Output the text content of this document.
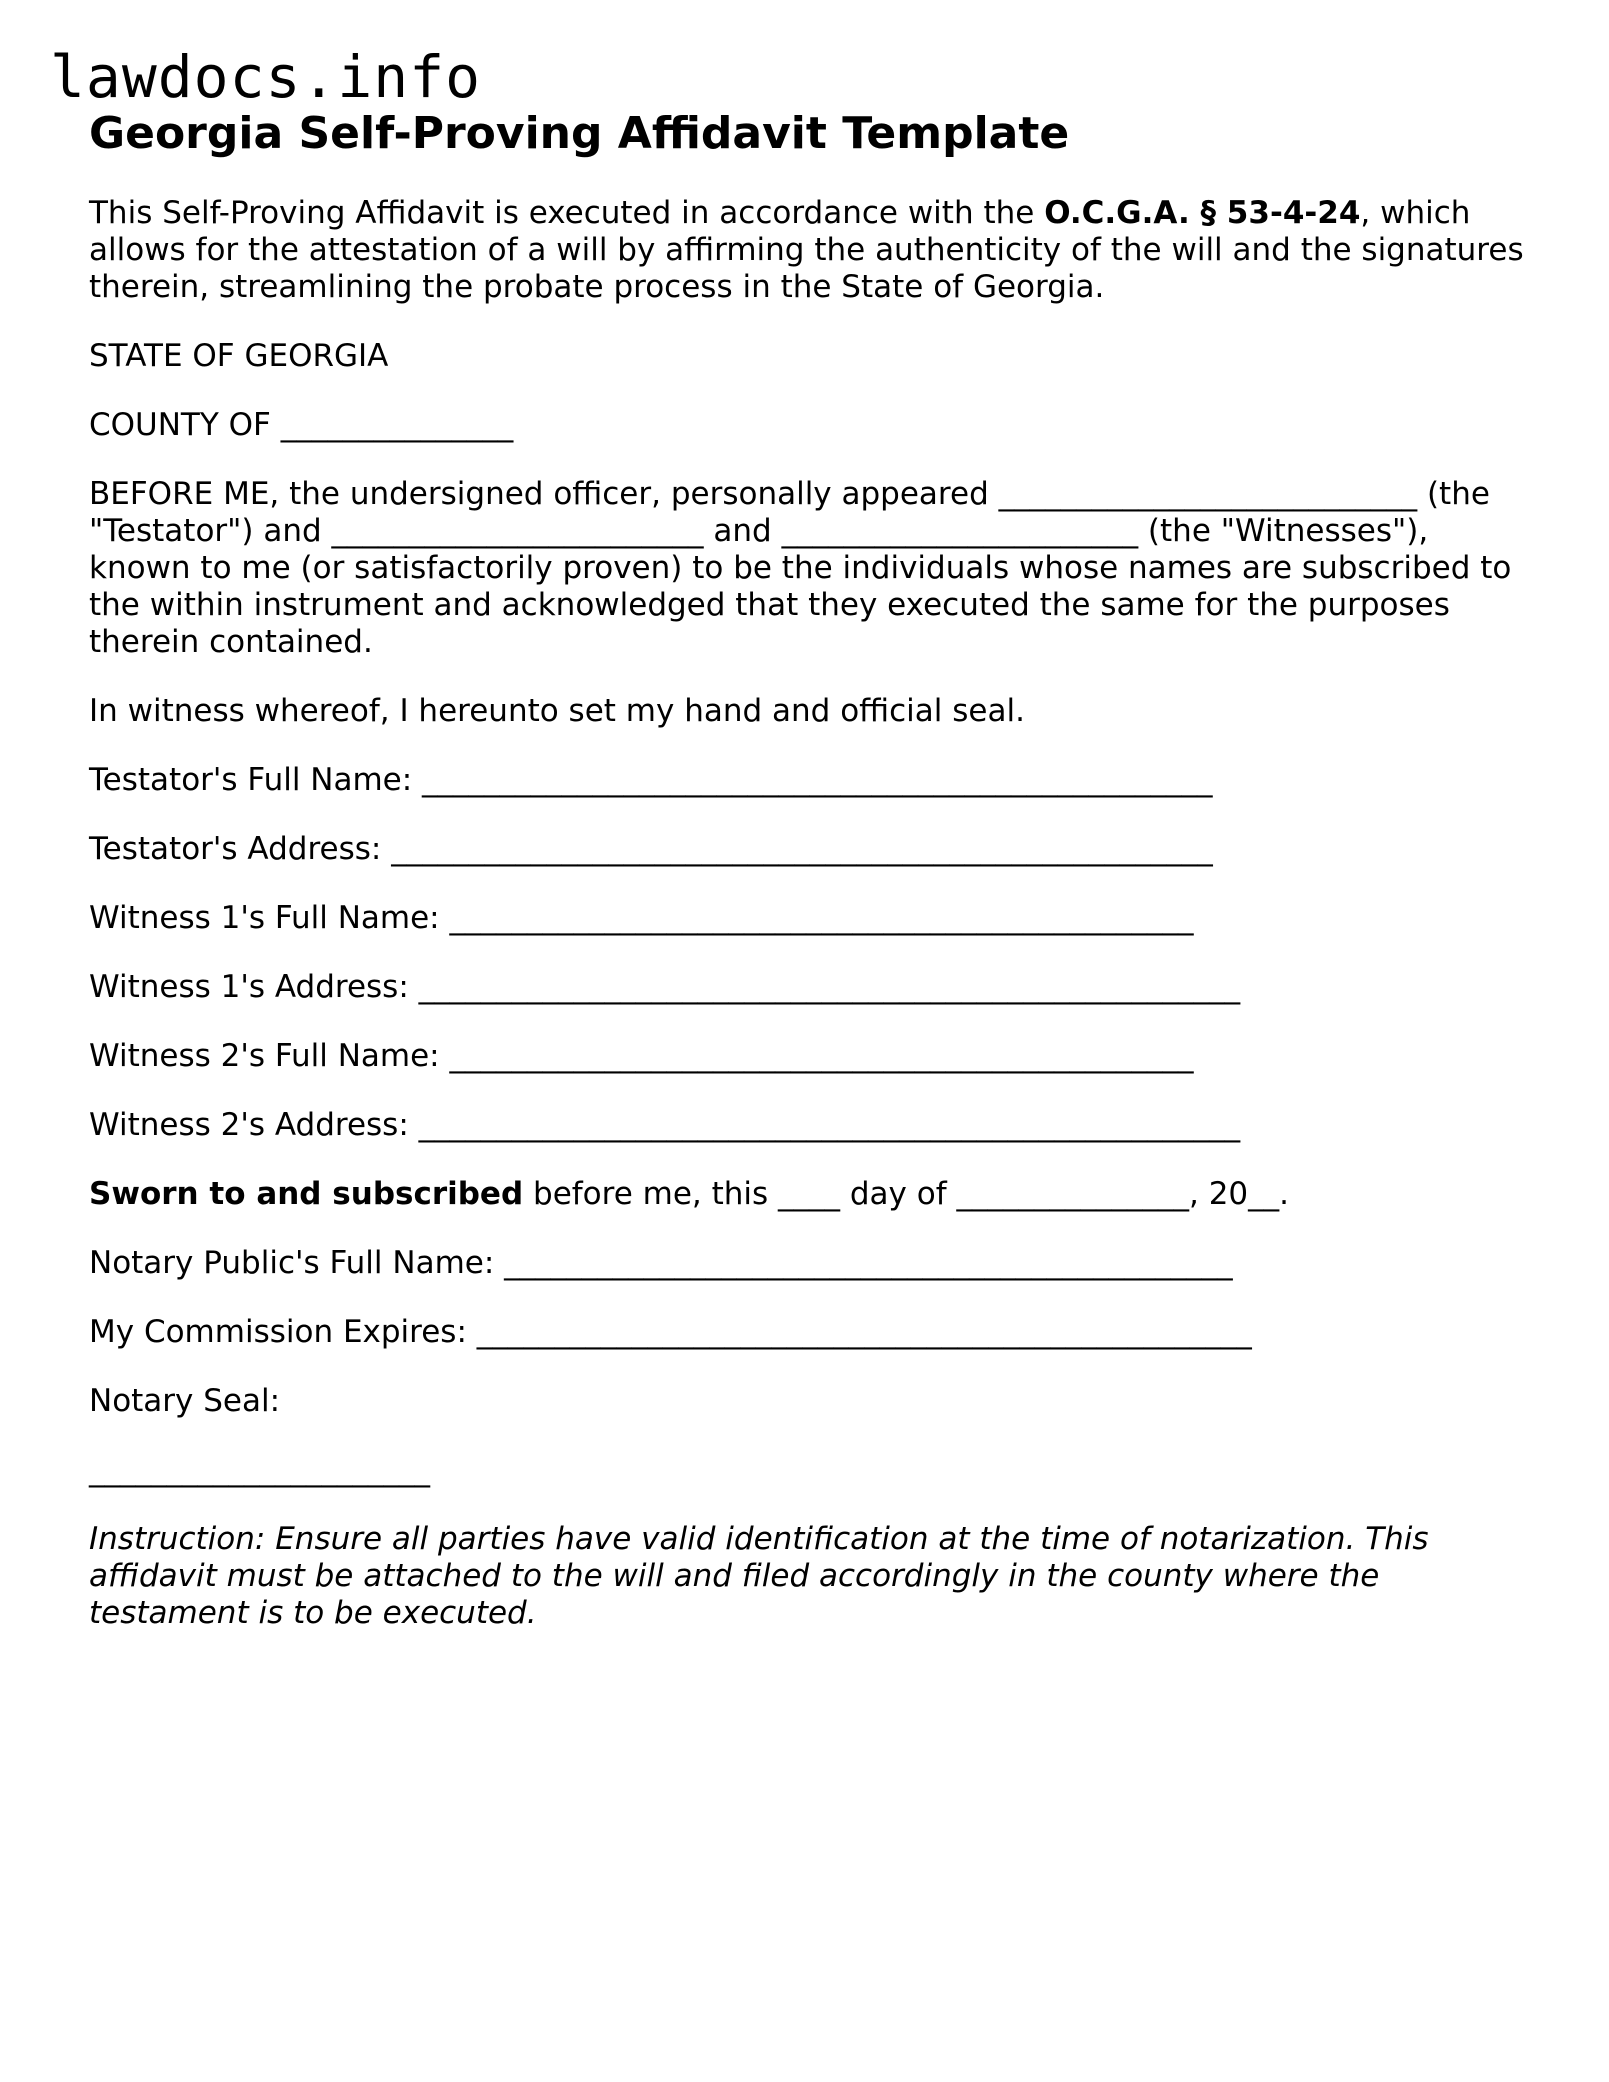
lawdocs.info
Georgia Self-Proving Affidavit Template

This Self-Proving Affidavit is executed in accordance with the O.C.G.A. § 53-4-24, which allows for the attestation of a will by affirming the authenticity of the will and the signatures therein, streamlining the probate process in the State of Georgia.

STATE OF GEORGIA
COUNTY OF _______________

BEFORE ME, the undersigned officer, personally appeared ___________________________ (the "Testator") and ________________________ and _______________________ (the "Witnesses"), known to me (or satisfactorily proven) to be the individuals whose names are subscribed to the within instrument and acknowledged that they executed the same for the purposes therein contained.

In witness whereof, I hereunto set my hand and official seal.
Testator's Full Name: ___________________________________________________
Testator's Address: _____________________________________________________
Witness 1's Full Name: ________________________________________________
Witness 1's Address: _____________________________________________________
Witness 2's Full Name: ________________________________________________
Witness 2's Address: _____________________________________________________
Sworn to and subscribed before me, this ____ day of _______________, 20__.
Notary Public's Full Name: _______________________________________________
My Commission Expires: __________________________________________________
Notary Seal:
______________________

Instruction: Ensure all parties have valid identification at the time of notarization. This affidavit must be attached to the will and filed accordingly in the county where the testament is to be executed.
